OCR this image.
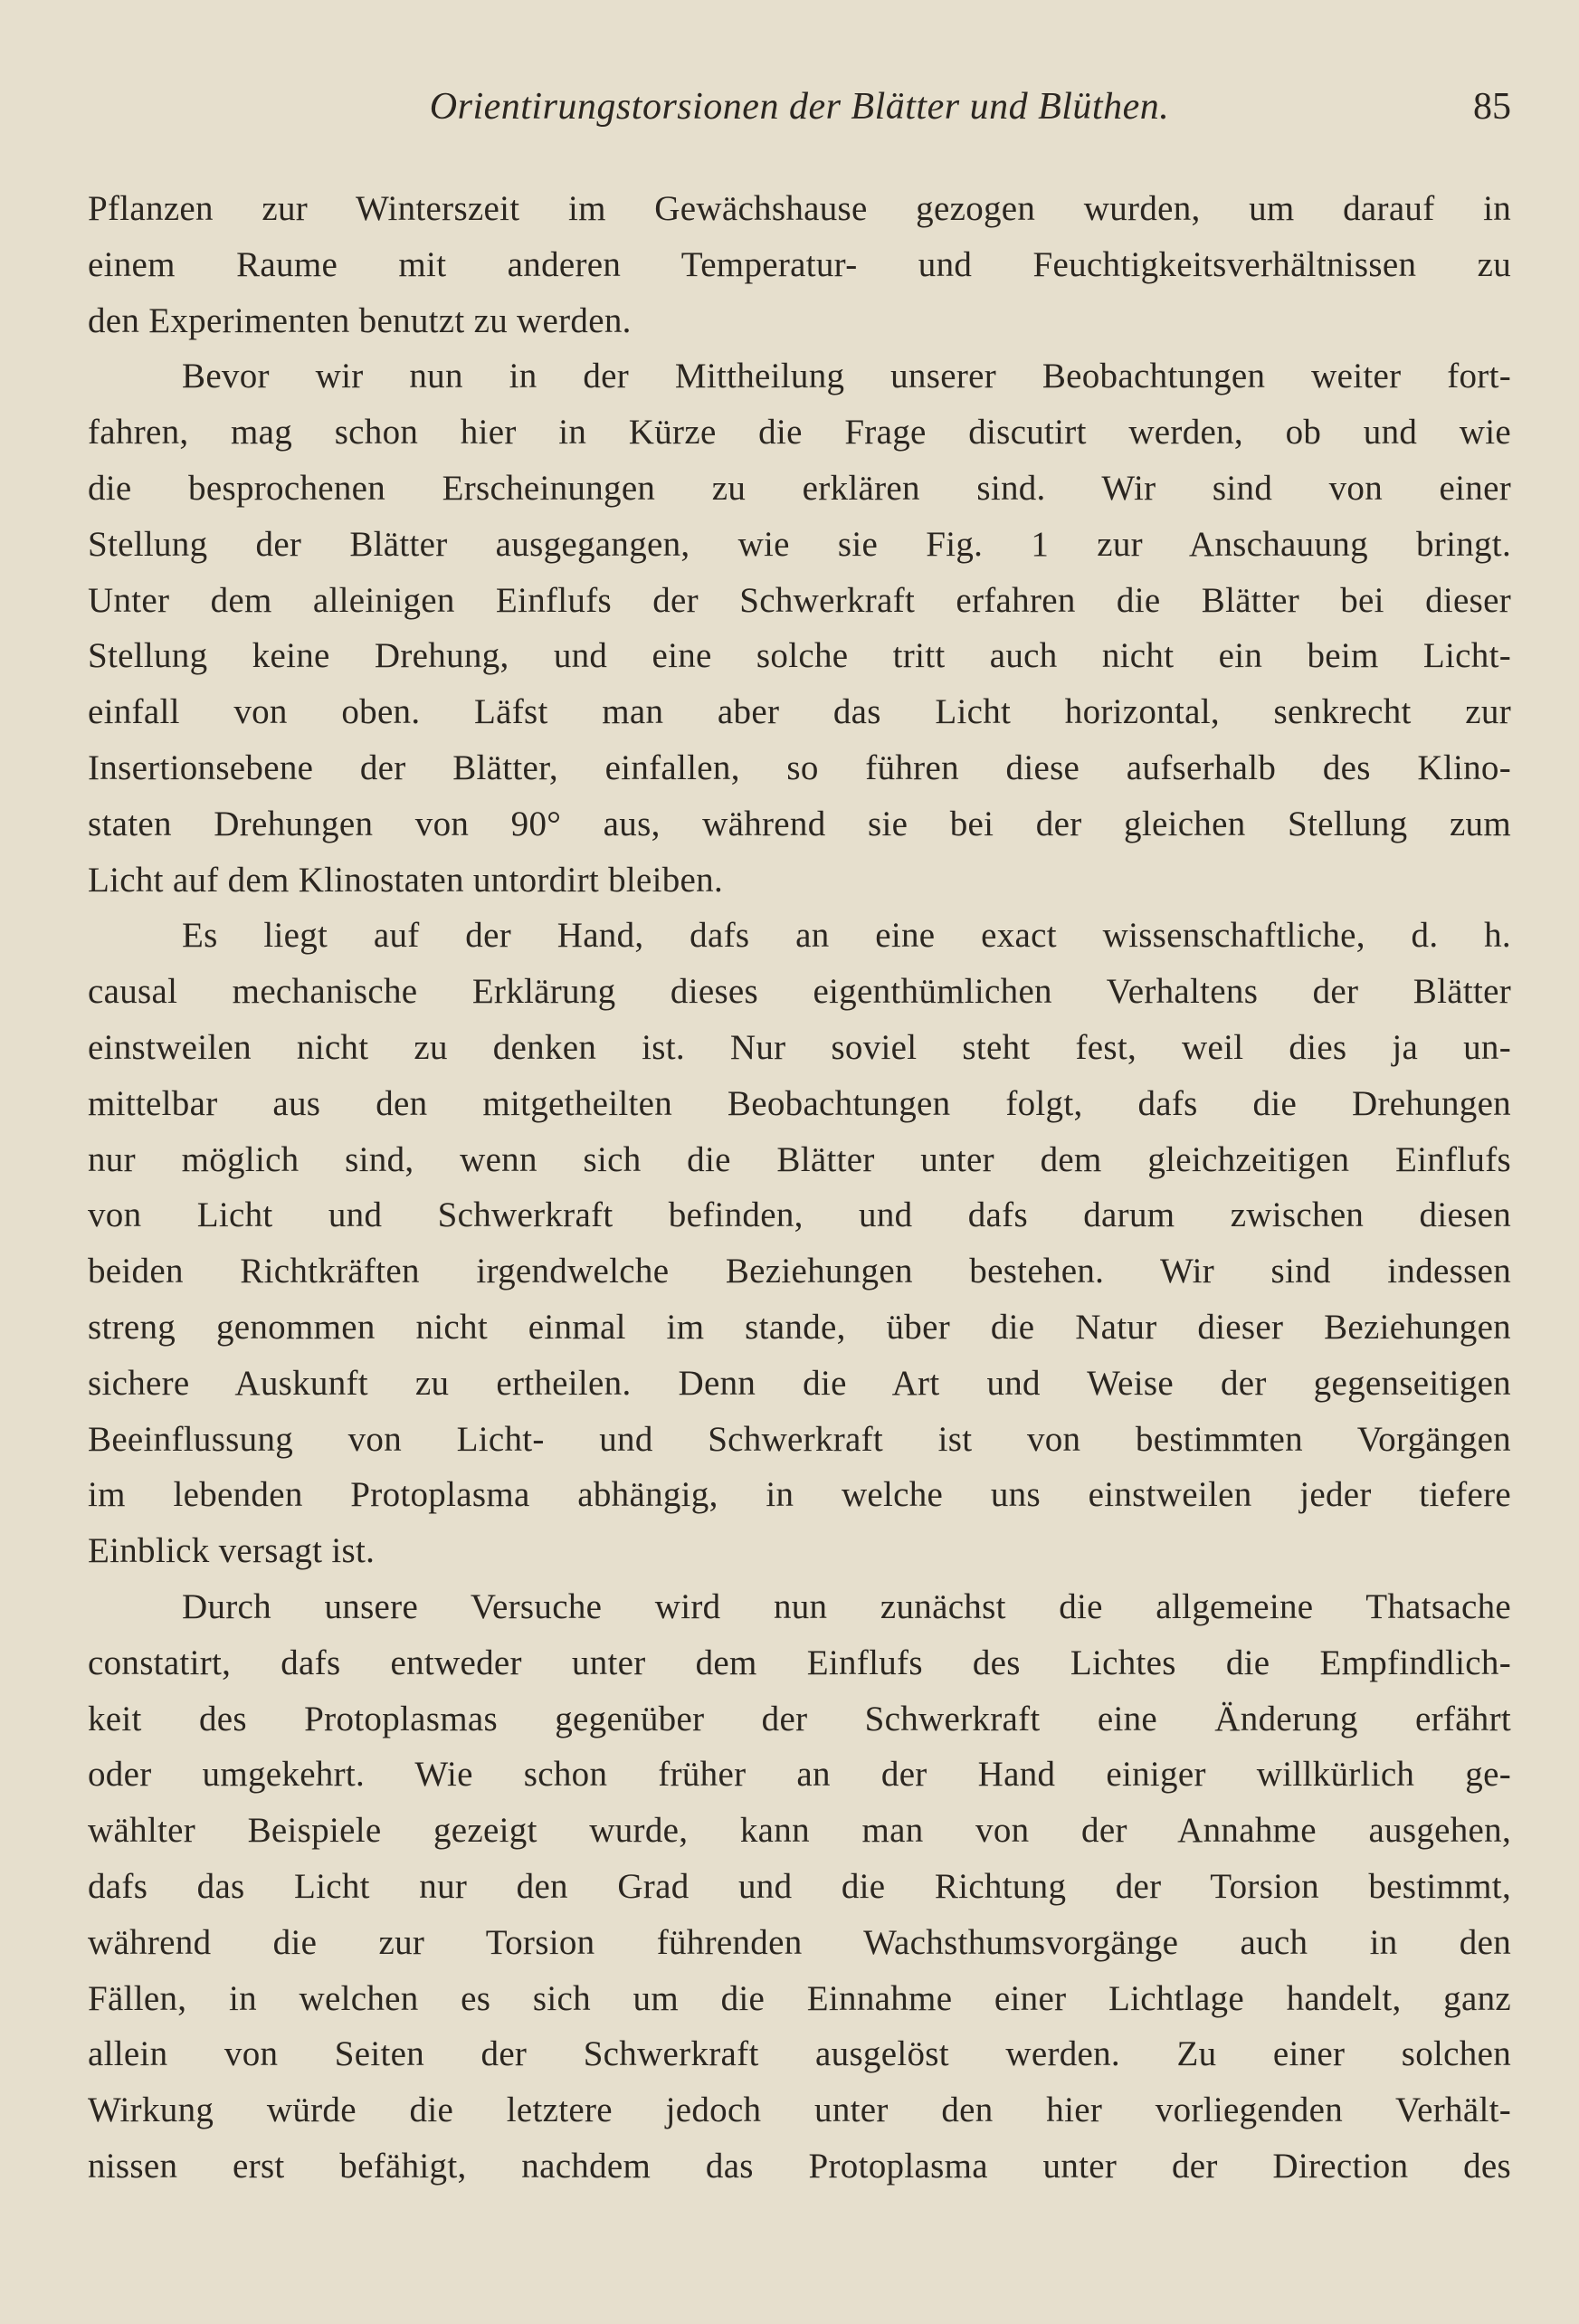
Orientirungstorsionen der Blätter und Blüthen.	85
Pflanzen zur Winterszeit im Gewächshause gezogen wurden, um darauf in
einem Raume mit anderen Temperatur- und Feuchtigkeitsverhältnissen zu
den Experimenten benutzt zu werden.
Bevor wir nun in der Mittheilung unserer Beobachtungen weiter fort-
fahren, mag schon hier in Kürze die Frage discutirt werden, ob und wie
die besprochenen Erscheinungen zu erklären sind. Wir sind von einer
Stellung der Blätter ausgegangen, wie sie Fig. 1 zur Anschauung bringt.
Unter dem alleinigen Einflufs der Schwerkraft erfahren die Blätter bei dieser
Stellung keine Drehung, und eine solche tritt auch nicht ein beim Licht-
einfall von oben. Läfst man aber das Licht horizontal, senkrecht zur
Insertionsebene der Blätter, einfallen, so führen diese aufserhalb des Klino-
staten Drehungen von 90° aus, während sie bei der gleichen Stellung zum
Licht auf dem Klinostaten untordirt bleiben.
Es liegt auf der Hand, dafs an eine exact wissenschaftliche, d. h.
causal mechanische Erklärung dieses eigenthümlichen Verhaltens der Blätter
einstweilen nicht zu denken ist. Nur soviel steht fest, weil dies ja un-
mittelbar aus den mitgetheilten Beobachtungen folgt, dafs die Drehungen
nur möglich sind, wenn sich die Blätter unter dem gleichzeitigen Einflufs
von Licht und Schwerkraft befinden, und dafs darum zwischen diesen
beiden Richtkräften irgendwelche Beziehungen bestehen. Wir sind indessen
streng genommen nicht einmal im stande, über die Natur dieser Beziehungen
sichere Auskunft zu ertheilen. Denn die Art und Weise der gegenseitigen
Beeinflussung von Licht- und Schwerkraft ist von bestimmten Vorgängen
im lebenden Protoplasma abhängig, in welche uns einstweilen jeder tiefere
Einblick versagt ist.
Durch unsere Versuche wird nun zunächst die allgemeine Thatsache
constatirt, dafs entweder unter dem Einflufs des Lichtes die Empfindlich-
keit des Protoplasmas gegenüber der Schwerkraft eine Änderung erfährt
oder umgekehrt. Wie schon früher an der Hand einiger willkürlich ge-
wählter Beispiele gezeigt wurde, kann man von der Annahme ausgehen,
dafs das Licht nur den Grad und die Richtung der Torsion bestimmt,
während die zur Torsion führenden Wachsthumsvorgänge auch in den
Fällen, in welchen es sich um die Einnahme einer Lichtlage handelt, ganz
allein von Seiten der Schwerkraft ausgelöst werden. Zu einer solchen
Wirkung würde die letztere jedoch unter den hier vorliegenden Verhält-
nissen erst befähigt, nachdem das Protoplasma unter der Direction des
